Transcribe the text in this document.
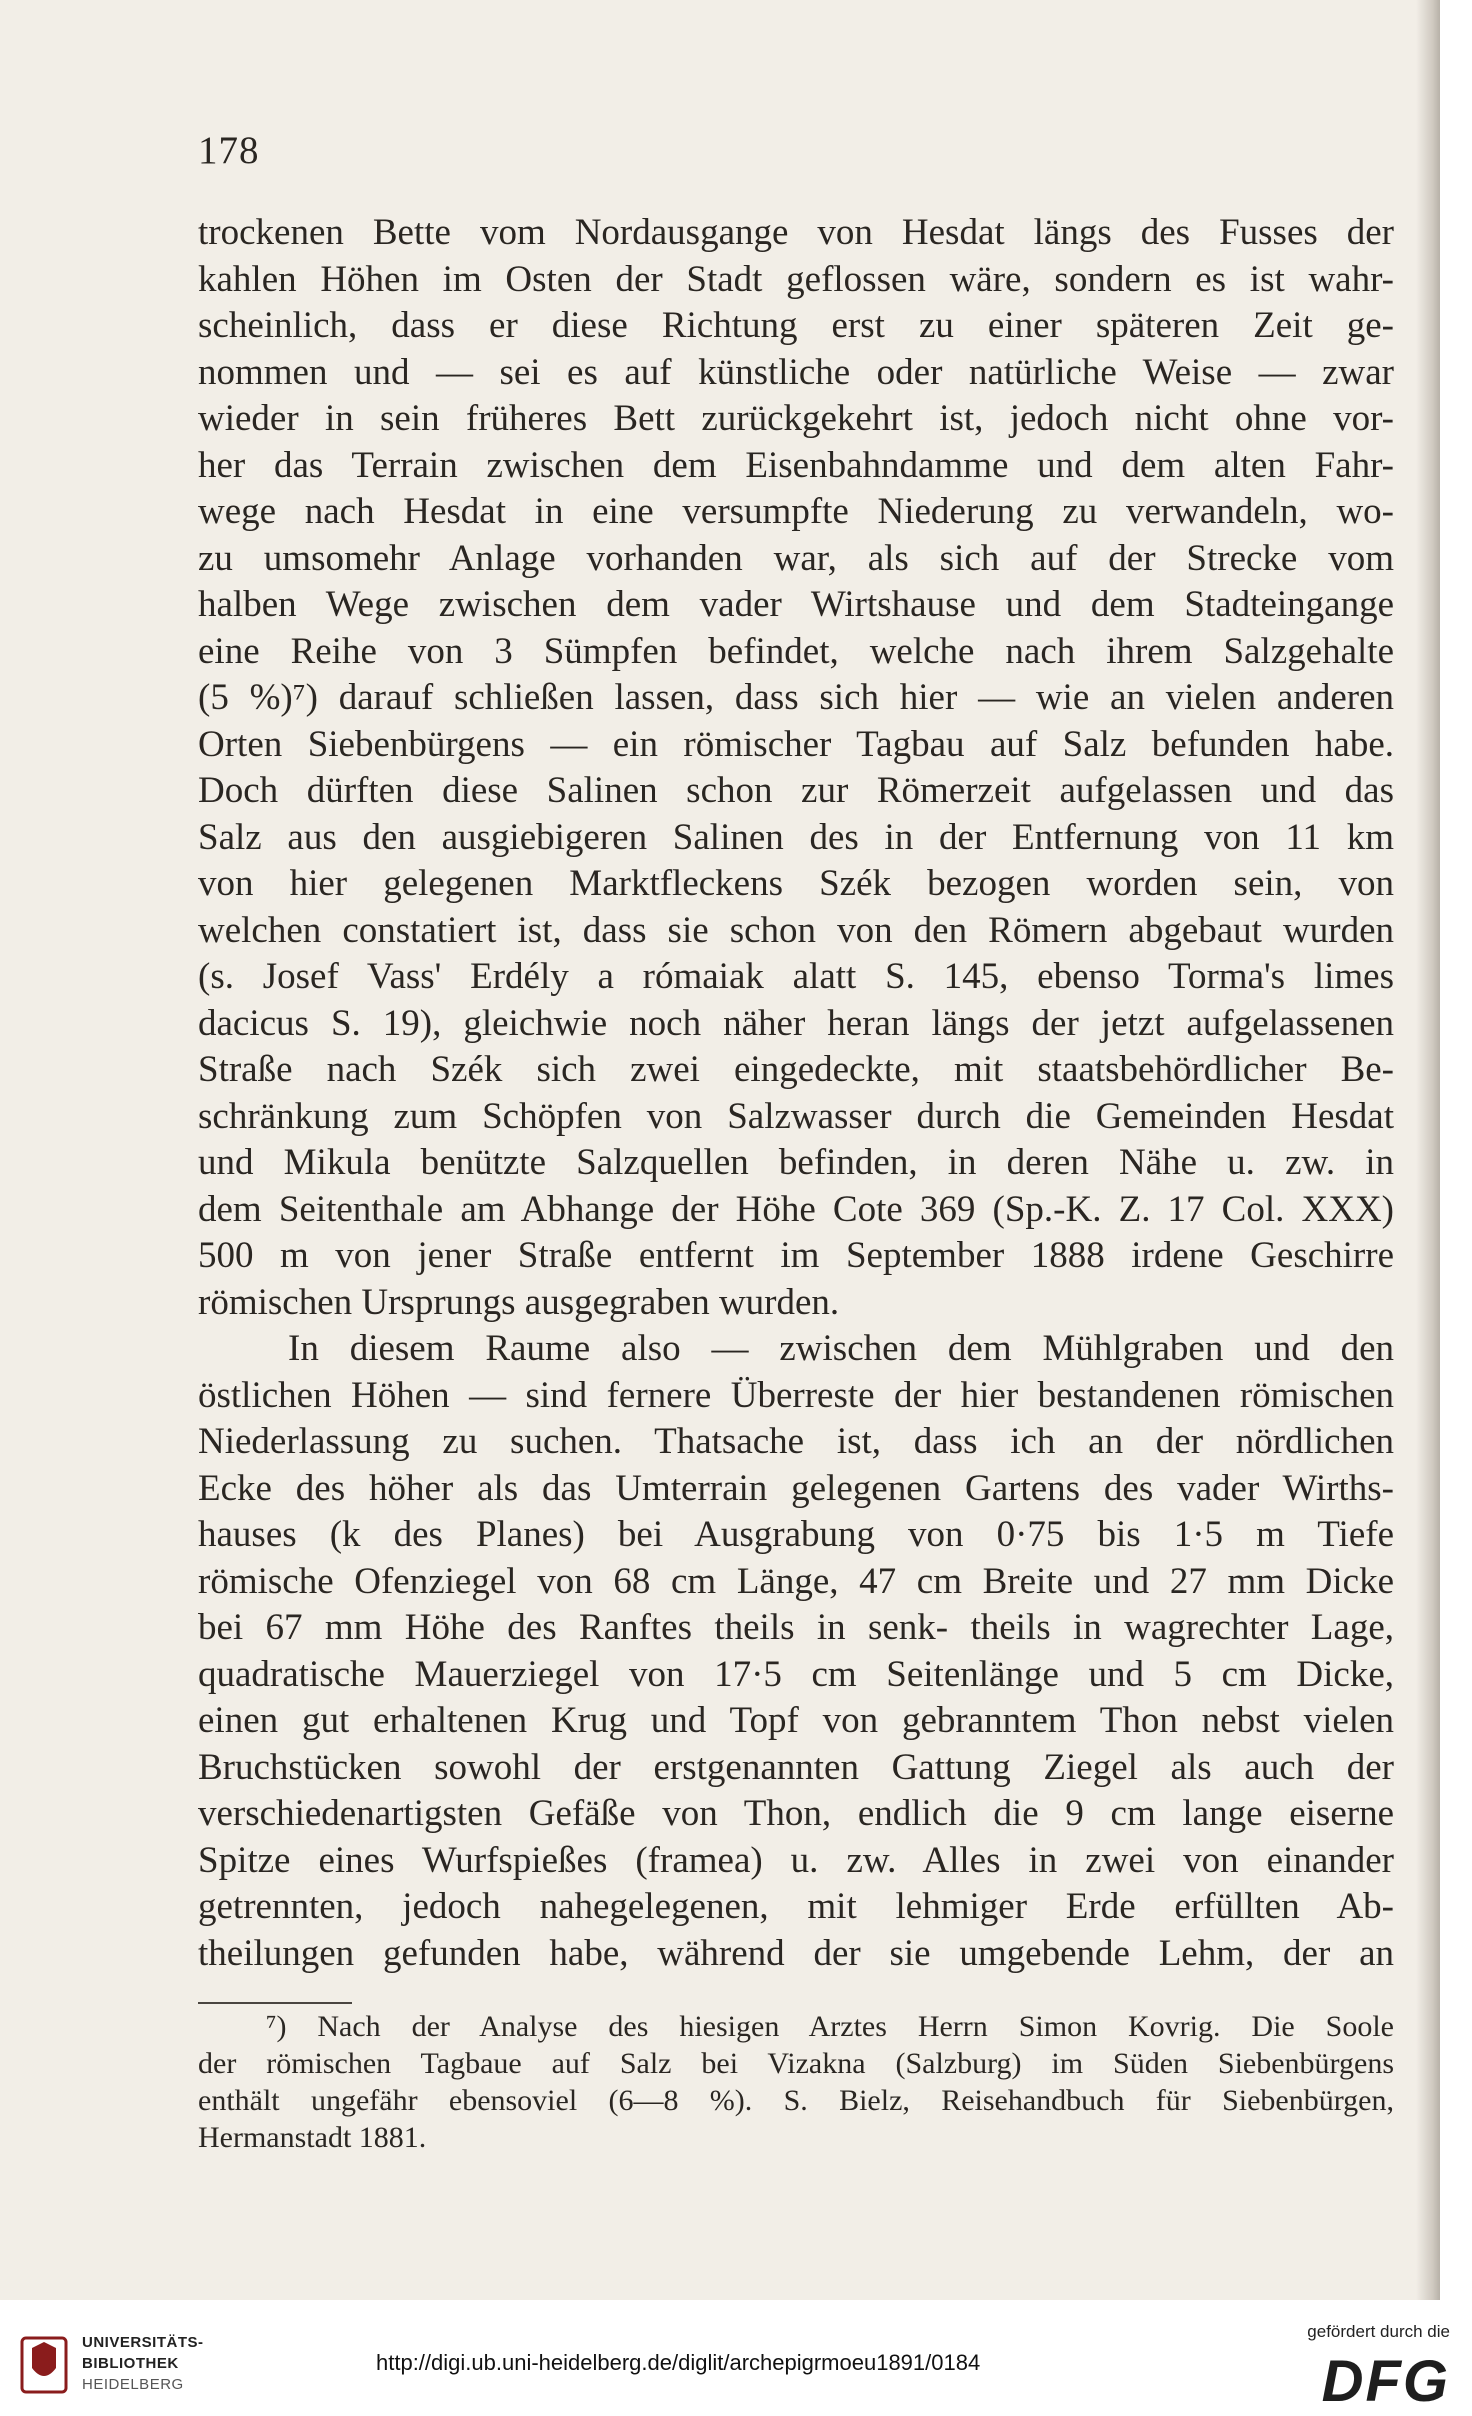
178
trockenen Bette vom Nordausgange von Hesdat längs des Fusses der
kahlen Höhen im Osten der Stadt geflossen wäre, sondern es ist wahr-
scheinlich, dass er diese Richtung erst zu einer späteren Zeit ge-
nommen und — sei es auf künstliche oder natürliche Weise — zwar
wieder in sein früheres Bett zurückgekehrt ist, jedoch nicht ohne vor-
her das Terrain zwischen dem Eisenbahndamme und dem alten Fahr-
wege nach Hesdat in eine versumpfte Niederung zu verwandeln, wo-
zu umsomehr Anlage vorhanden war, als sich auf der Strecke vom
halben Wege zwischen dem vader Wirtshause und dem Stadteingange
eine Reihe von 3 Sümpfen befindet, welche nach ihrem Salzgehalte
(5 %)⁷) darauf schließen lassen, dass sich hier — wie an vielen anderen
Orten Siebenbürgens — ein römischer Tagbau auf Salz befunden habe.
Doch dürften diese Salinen schon zur Römerzeit aufgelassen und das
Salz aus den ausgiebigeren Salinen des in der Entfernung von 11 km
von hier gelegenen Marktfleckens Szék bezogen worden sein, von
welchen constatiert ist, dass sie schon von den Römern abgebaut wurden
(s. Josef Vass' Erdély a rómaiak alatt S. 145, ebenso Torma's limes
dacicus S. 19), gleichwie noch näher heran längs der jetzt aufgelassenen
Straße nach Szék sich zwei eingedeckte, mit staatsbehördlicher Be-
schränkung zum Schöpfen von Salzwasser durch die Gemeinden Hesdat
und Mikula benützte Salzquellen befinden, in deren Nähe u. zw. in
dem Seitenthale am Abhange der Höhe Cote 369 (Sp.-K. Z. 17 Col. XXX)
500 m von jener Straße entfernt im September 1888 irdene Geschirre
römischen Ursprungs ausgegraben wurden.
In diesem Raume also — zwischen dem Mühlgraben und den
östlichen Höhen — sind fernere Überreste der hier bestandenen römischen
Niederlassung zu suchen. Thatsache ist, dass ich an der nördlichen
Ecke des höher als das Umterrain gelegenen Gartens des vader Wirths-
hauses (k des Planes) bei Ausgrabung von 0·75 bis 1·5 m Tiefe
römische Ofenziegel von 68 cm Länge, 47 cm Breite und 27 mm Dicke
bei 67 mm Höhe des Ranftes theils in senk- theils in wagrechter Lage,
quadratische Mauerziegel von 17·5 cm Seitenlänge und 5 cm Dicke,
einen gut erhaltenen Krug und Topf von gebranntem Thon nebst vielen
Bruchstücken sowohl der erstgenannten Gattung Ziegel als auch der
verschiedenartigsten Gefäße von Thon, endlich die 9 cm lange eiserne
Spitze eines Wurfspießes (framea) u. zw. Alles in zwei von einander
getrennten, jedoch nahegelegenen, mit lehmiger Erde erfüllten Ab-
theilungen gefunden habe, während der sie umgebende Lehm, der an
⁷) Nach der Analyse des hiesigen Arztes Herrn Simon Kovrig. Die Soole
der römischen Tagbaue auf Salz bei Vizakna (Salzburg) im Süden Siebenbürgens
enthält ungefähr ebensoviel (6—8 %). S. Bielz, Reisehandbuch für Siebenbürgen,
Hermanstadt 1881.
UNIVERSITÄTS-
BIBLIOTHEK
HEIDELBERG
http://digi.ub.uni-heidelberg.de/diglit/archepigrmoeu1891/0184
gefördert durch die
DFG
